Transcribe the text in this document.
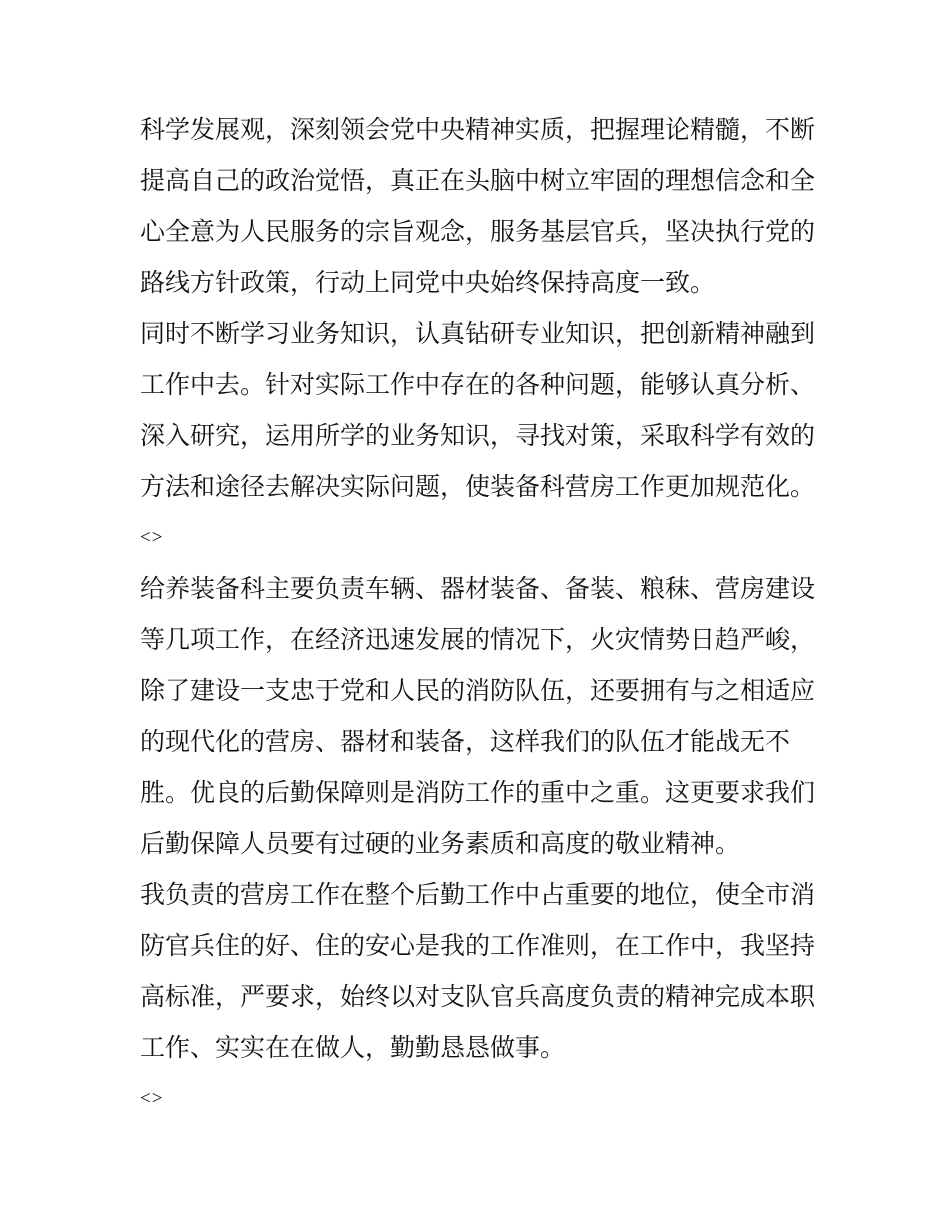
科学发展观，深刻领会党中央精神实质，把握理论精髓，不断
提高自己的政治觉悟，真正在头脑中树立牢固的理想信念和全
心全意为人民服务的宗旨观念，服务基层官兵，坚决执行党的
路线方针政策，行动上同党中央始终保持高度一致。
同时不断学习业务知识，认真钻研专业知识，把创新精神融到
工作中去。针对实际工作中存在的各种问题，能够认真分析、
深入研究，运用所学的业务知识，寻找对策，采取科学有效的
方法和途径去解决实际问题，使装备科营房工作更加规范化。
<>
给养装备科主要负责车辆、器材装备、备装、粮秣、营房建设
等几项工作，在经济迅速发展的情况下，火灾情势日趋严峻，
除了建设一支忠于党和人民的消防队伍，还要拥有与之相适应
的现代化的营房、器材和装备，这样我们的队伍才能战无不
胜。优良的后勤保障则是消防工作的重中之重。这更要求我们
后勤保障人员要有过硬的业务素质和高度的敬业精神。
我负责的营房工作在整个后勤工作中占重要的地位，使全市消
防官兵住的好、住的安心是我的工作准则，在工作中，我坚持
高标准，严要求，始终以对支队官兵高度负责的精神完成本职
工作、实实在在做人，勤勤恳恳做事。
<>
